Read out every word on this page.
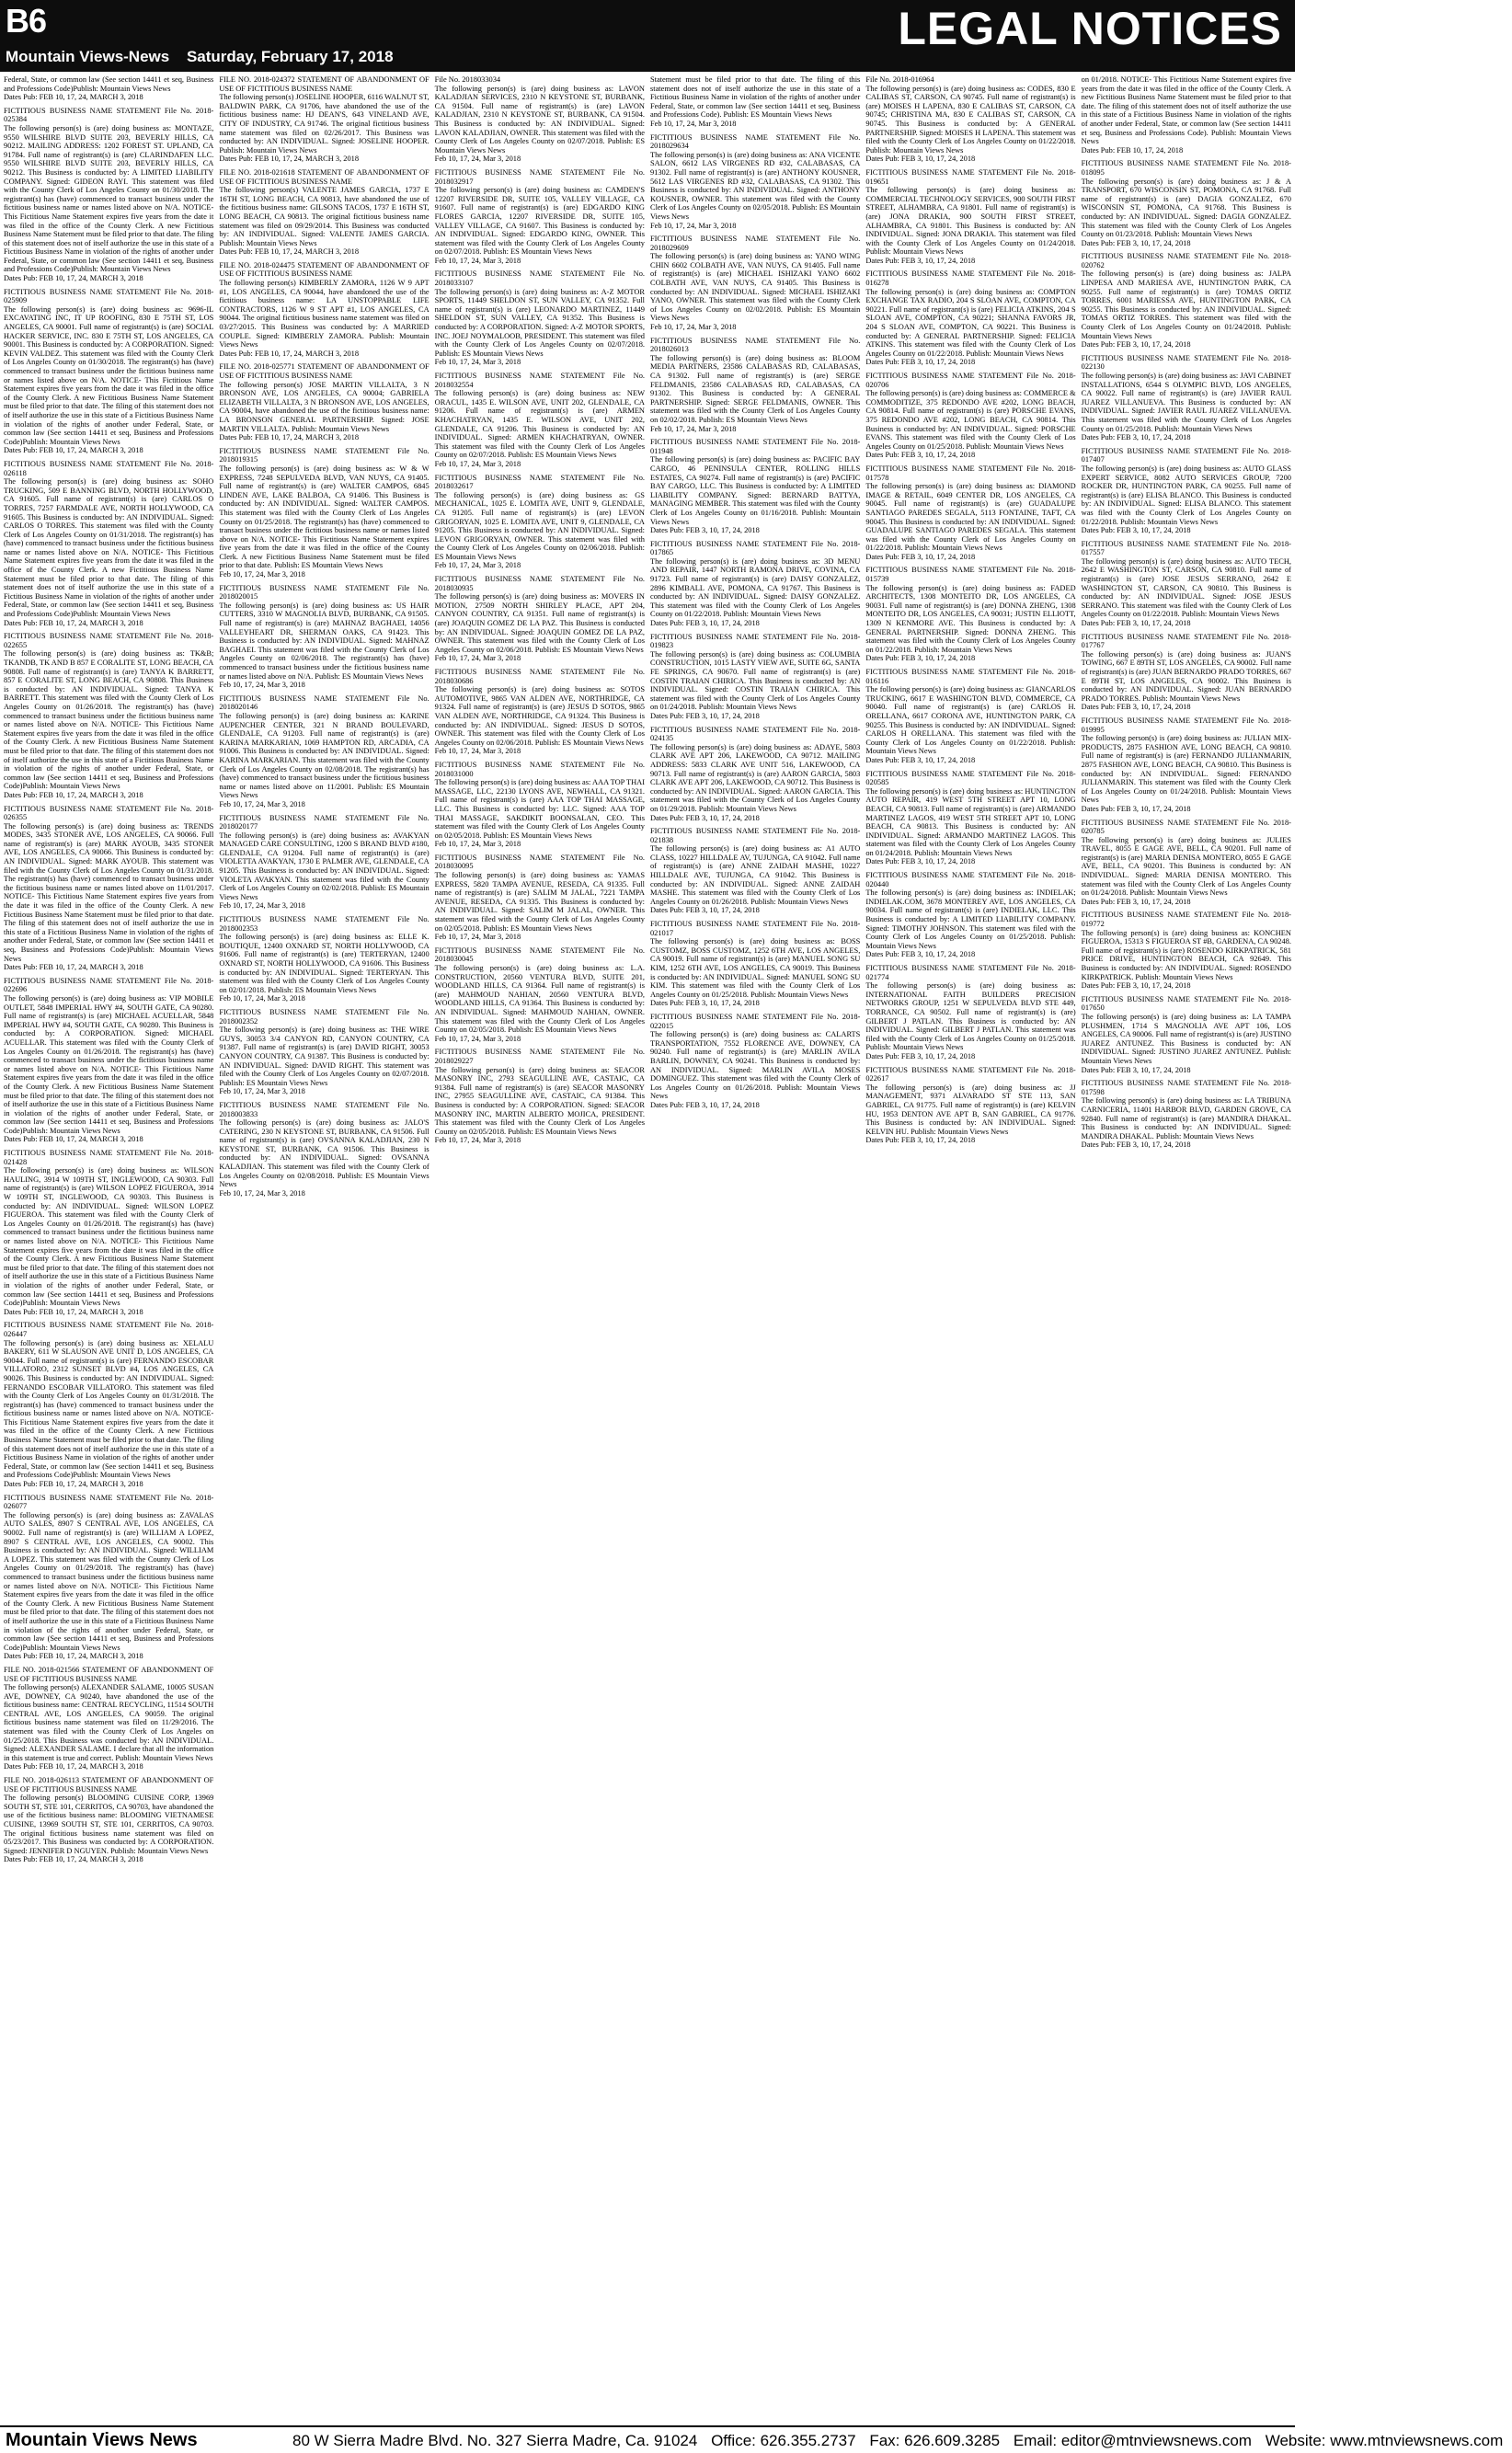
B6	LEGAL NOTICES
Mountain Views-News Saturday, February 17, 2018
Federal, State, or common law (See section 14411 et seq, Business and Professions Code)Publish: Mountain Views News
Dates Pub: FEB 10, 17, 24, MARCH 3, 2018
FICTITIOUS BUSINESS NAME STATEMENT File No. 2018-025384
The following person(s) is (are) doing business as: MONTAZE, 9550 WILSHIRE BLVD SUITE 203, BEVERLY HILLS, CA 90212. MAILING ADDRESS: 1202 FOREST ST. UPLAND, CA 91784. Full name of registrant(s) is (are) CLARINDAFEN LLC. 9550 WILSHIRE BLVD SUITE 203, BEVERLY HILLS, CA 90212. This Business is conducted by: A LIMITED LIABILITY COMPANY. Signed: GIDEON RAYI. This statement was filed with the County Clerk of Los Angeles County on 01/30/2018. The registrant(s) has (have) commenced to transact business under the fictitious business name or names listed above on N/A. NOTICE- This Fictitious Name Statement expires five years from the date it was filed in the office of the County Clerk. A new Fictitious Business Name Statement must be filed prior to that date. The filing of this statement does not of itself authorize the use in this state of a Fictitious Business Name in violation of the rights of another under Federal, State, or common law (See section 14411 et seq, Business and Professions Code)Publish: Mountain Views News
Dates Pub: FEB 10, 17, 24, MARCH 3, 2018
FICTITIOUS BUSINESS NAME STATEMENT File No. 2018-025909
The following person(s) is (are) doing business as: 9696-IL EXCAVATING INC, IT UP ROOFING, 830 E 75TH ST, LOS ANGELES, CA 90001. Full name of registrant(s) is (are) SOCIAL HACKER SERVICE, INC. 830 E 75TH ST, LOS ANGELES, CA 90001. This Business is conducted by: A CORPORATION. Signed: KEVIN VALDEZ. This statement was filed with the County Clerk of Los Angeles County on 01/30/2018. The registrant(s) has (have) commenced to transact business under the fictitious business name or names listed above on N/A. NOTICE- This Fictitious Name Statement expires five years from the date it was filed in the office of the County Clerk. A new Fictitious Business Name Statement must be filed prior to that date. The filing of this statement does not of itself authorize the use in this state of a Fictitious Business Name in violation of the rights of another under Federal, State, or common law (See section 14411 et seq, Business and Professions Code)Publish: Mountain Views News
Dates Pub: FEB 10, 17, 24, MARCH 3, 2018
FICTITIOUS BUSINESS NAME STATEMENT File No. 2018-026118
The following person(s) is (are) doing business as: SOHO TRUCKING, 509 E BANNING BLVD, NORTH HOLLYWOOD, CA 91605. Full name of registrant(s) is (are) CARLOS O TORRES, 7257 FARMDALE AVE, NORTH HOLLYWOOD, CA 91605. This Business is conducted by: AN INDIVIDUAL. Signed: CARLOS O TORRES. This statement was filed with the County Clerk of Los Angeles County on 01/31/2018. The registrant(s) has (have) commenced to transact business under the fictitious business name or names listed above on N/A. NOTICE- This Fictitious Name Statement expires five years from the date it was filed in the office of the County Clerk. A new Fictitious Business Name Statement must be filed prior to that date. The filing of this statement does not of itself authorize the use in this state of a Fictitious Business Name in violation of the rights of another under Federal, State, or common law (See section 14411 et seq, Business and Professions Code)Publish: Mountain Views News
Dates Pub: FEB 10, 17, 24, MARCH 3, 2018
FICTITIOUS BUSINESS NAME STATEMENT File No. 2018-022655
The following person(s) is (are) doing business as: TK&B; TKANDB, TK AND B 857 E CORALITE ST, LONG BEACH, CA 90808. Full name of registrant(s) is (are) TANYA K BARRETT, 857 E CORALITE ST, LONG BEACH, CA 90808. This Business is conducted by: AN INDIVIDUAL. Signed: TANYA K BARRETT. This statement was filed with the County Clerk of Los Angeles County on 01/26/2018. The registrant(s) has (have) commenced to transact business under the fictitious business name or names listed above on N/A. NOTICE- This Fictitious Name Statement expires five years from the date it was filed in the office of the County Clerk. A new Fictitious Business Name Statement must be filed prior to that date. The filing of this statement does not of itself authorize the use in this state of a Fictitious Business Name in violation of the rights of another under Federal, State, or common law (See section 14411 et seq, Business and Professions Code)Publish: Mountain Views News
Dates Pub: FEB 10, 17, 24, MARCH 3, 2018
FICTITIOUS BUSINESS NAME STATEMENT File No. 2018-026355
The following person(s) is (are) doing business as: TRENDS MODES, 3435 STONER AVE, LOS ANGELES, CA 90066. Full name of registrant(s) is (are) MARK AYOUB, 3435 STONER AVE, LOS ANGELES, CA 90066. This Business is conducted by: AN INDIVIDUAL. Signed: MARK AYOUB. This statement was filed with the County Clerk of Los Angeles County on 01/31/2018. The registrant(s) has (have) commenced to transact business under the fictitious business name or names listed above on 11/01/2017. NOTICE- This Fictitious Name Statement expires five years from the date it was filed in the office of the County Clerk. A new Fictitious Business Name Statement must be filed prior to that date. The filing of this statement does not of itself authorize the use in this state of a Fictitious Business Name in violation of the rights of another under Federal, State, or common law (See section 14411 et seq, Business and Professions Code)Publish: Mountain Views News
Dates Pub: FEB 10, 17, 24, MARCH 3, 2018
FICTITIOUS BUSINESS NAME STATEMENT File No. 2018-022696
The following person(s) is (are) doing business as: VIP MOBILE OUTLET, 5848 IMPERIAL HWY #4, SOUTH GATE, CA 90280. Full name of registrant(s) is (are) MICHAEL ACUELLAR, 5848 IMPERIAL HWY #4, SOUTH GATE, CA 90280. This Business is conducted by: A CORPORATION. Signed: MICHAEL ACUELLAR. This statement was filed with the County Clerk of Los Angeles County on 01/26/2018. The registrant(s) has (have) commenced to transact business under the fictitious business name or names listed above on N/A. NOTICE- This Fictitious Name Statement expires five years from the date it was filed in the office of the County Clerk. A new Fictitious Business Name Statement must be filed prior to that date. The filing of this statement does not of itself authorize the use in this state of a Fictitious Business Name in violation of the rights of another under Federal, State, or common law (See section 14411 et seq, Business and Professions Code)Publish: Mountain Views News
Dates Pub: FEB 10, 17, 24, MARCH 3, 2018
FICTITIOUS BUSINESS NAME STATEMENT File No. 2018-021428
The following person(s) is (are) doing business as: WILSON HAULING, 3914 W 109TH ST, INGLEWOOD, CA 90303. Full name of registrant(s) is (are) WILSON LOPEZ FIGUEROA, 3914 W 109TH ST, INGLEWOOD, CA 90303. This Business is conducted by: AN INDIVIDUAL. Signed: WILSON LOPEZ FIGUEROA. This statement was filed with the County Clerk of Los Angeles County on 01/26/2018. The registrant(s) has (have) commenced to transact business under the fictitious business name or names listed above on N/A. NOTICE- This Fictitious Name Statement expires five years from the date it was filed in the office of the County Clerk. A new Fictitious Business Name Statement must be filed prior to that date. The filing of this statement does not of itself authorize the use in this state of a Fictitious Business Name in violation of the rights of another under Federal, State, or common law (See section 14411 et seq, Business and Professions Code)Publish: Mountain Views News
Dates Pub: FEB 10, 17, 24, MARCH 3, 2018
FICTITIOUS BUSINESS NAME STATEMENT File No. 2018-026447
The following person(s) is (are) doing business as: XELALU BAKERY, 611 W SLAUSON AVE UNIT D, LOS ANGELES, CA 90044. Full name of registrant(s) is (are) FERNANDO ESCOBAR VILLATORO, 2312 SUNSET BLVD #4, LOS ANGELES, CA 90026. This Business is conducted by: AN INDIVIDUAL. Signed: FERNANDO ESCOBAR VILLATORO. This statement was filed with the County Clerk of Los Angeles County on 01/31/2018. The registrant(s) has (have) commenced to transact business under the fictitious business name or names listed above on N/A. NOTICE- This Fictitious Name Statement expires five years from the date it was filed in the office of the County Clerk. A new Fictitious Business Name Statement must be filed prior to that date. The filing of this statement does not of itself authorize the use in this state of a Fictitious Business Name in violation of the rights of another under Federal, State, or common law (See section 14411 et seq, Business and Professions Code)Publish: Mountain Views News
Dates Pub: FEB 10, 17, 24, MARCH 3, 2018
FICTITIOUS BUSINESS NAME STATEMENT File No. 2018-026077
The following person(s) is (are) doing business as: ZAVALAS AUTO SALES, 8907 S CENTRAL AVE, LOS ANGELES, CA 90002. Full name of registrant(s) is (are) WILLIAM A LOPEZ, 8907 S CENTRAL AVE, LOS ANGELES, CA 90002. This Business is conducted by: AN INDIVIDUAL. Signed: WILLIAM A LOPEZ. This statement was filed with the County Clerk of Los Angeles County on 01/29/2018. The registrant(s) has (have) commenced to transact business under the fictitious business name or names listed above on N/A. NOTICE- This Fictitious Name Statement expires five years from the date it was filed in the office of the County Clerk. A new Fictitious Business Name Statement must be filed prior to that date. The filing of this statement does not of itself authorize the use in this state of a Fictitious Business Name in violation of the rights of another under Federal, State, or common law (See section 14411 et seq, Business and Professions Code)Publish: Mountain Views News
Dates Pub: FEB 10, 17, 24, MARCH 3, 2018
FILE NO. 2018-021566 STATEMENT OF ABANDONMENT OF USE OF FICTITIOUS BUSINESS NAME
The following person(s) ALEXANDER SALAME, 10005 SUSAN AVE, DOWNEY, CA 90240, have abandoned the use of the fictitious business name: CENTRAL RECYCLING, 11514 SOUTH CENTRAL AVE, LOS ANGELES, CA 90059. The original fictitious business name statement was filed on 11/29/2016. The statement was filed with the County Clerk of Los Angeles on 01/25/2018. This Business was conducted by: AN INDIVIDUAL. Signed: ALEXANDER SALAME. I declare that all the information in this statement is true and correct. Publish: Mountain Views News
Dates Pub: FEB 10, 17, 24, MARCH 3, 2018
FILE NO. 2018-026113 STATEMENT OF ABANDONMENT OF USE OF FICTITIOUS BUSINESS NAME
The following person(s) BLOOMING CUISINE CORP, 13969 SOUTH ST, STE 101, CERRITOS, CA 90703, have abandoned the use of the fictitious business name: BLOOMING VIETNAMESE CUISINE, 13969 SOUTH ST, STE 101, CERRITOS, CA 90703. The original fictitious business name statement was filed on 05/23/2017. This Business was conducted by: A CORPORATION. Signed: JENNIFER D NGUYEN. Publish: Mountain Views News
Dates Pub: FEB 10, 17, 24, MARCH 3, 2018
FILE NO. 2018-024372 STATEMENT OF ABANDONMENT OF USE OF FICTITIOUS BUSINESS NAME
The following person(s) JOSELINE HOOPER, 6116 WALNUT ST, BALDWIN PARK, CA 91706, have abandoned the use of the fictitious business name: HJ DEAN'S, 643 VINELAND AVE, CITY OF INDUSTRY, CA 91746. The original fictitious business name statement was filed on 02/26/2017. This Business was conducted by: AN INDIVIDUAL. Signed: JOSELINE HOOPER. Publish: Mountain Views News
Dates Pub: FEB 10, 17, 24, MARCH 3, 2018
FILE NO. 2018-021618 STATEMENT OF ABANDONMENT OF USE OF FICTITIOUS BUSINESS NAME
The following person(s) VALENTE JAMES GARCIA, 1737 E 16TH ST, LONG BEACH, CA 90813, have abandoned the use of the fictitious business name: GILSONS TACOS, 1737 E 16TH ST, LONG BEACH, CA 90813. The original fictitious business name statement was filed on 09/29/2014. This Business was conducted by: AN INDIVIDUAL. Signed: VALENTE JAMES GARCIA. Publish: Mountain Views News
Dates Pub: FEB 10, 17, 24, MARCH 3, 2018
FILE NO. 2018-024475 STATEMENT OF ABANDONMENT OF USE OF FICTITIOUS BUSINESS NAME
The following person(s) KIMBERLY ZAMORA, 1126 W 9 APT #1, LOS ANGELES, CA 90044, have abandoned the use of the fictitious business name: LA UNSTOPPABLE LIFE CONTRACTORS, 1126 W 9 ST APT #1, LOS ANGELES, CA 90044. The original fictitious business name statement was filed on 03/27/2015. This Business was conducted by: A MARRIED COUPLE. Signed: KIMBERLY ZAMORA. Publish: Mountain Views News
Dates Pub: FEB 10, 17, 24, MARCH 3, 2018
FILE NO. 2018-025771 STATEMENT OF ABANDONMENT OF USE OF FICTITIOUS BUSINESS NAME
The following person(s) JOSE MARTIN VILLALTA, 3 N BRONSON AVE, LOS ANGELES, CA 90004; GABRIELA ELIZABETH VILLALTA, 3 N BRONSON AVE, LOS ANGELES, CA 90004, have abandoned the use of the fictitious business name: LA BRONSON GENERAL PARTNERSHIP. Signed: JOSE MARTIN VILLALTA. Publish: Mountain Views News
Dates Pub: FEB 10, 17, 24, MARCH 3, 2018
FICTITIOUS BUSINESS NAME STATEMENT File No. 2018019315
The following person(s) is (are) doing business as: W & W EXPRESS, 7248 SEPULVEDA BLVD, VAN NUYS, CA 91405. Full name of registrant(s) is (are) WALTER CAMPOS, 6845 LINDEN AVE, LAKE BALBOA, CA 91406. This Business is conducted by: AN INDIVIDUAL. Signed: WALTER CAMPOS. This statement was filed with the County Clerk of Los Angeles County on 01/25/2018. The registrant(s) has (have) commenced to transact business under the fictitious business name or names listed above on N/A. NOTICE- This Fictitious Name Statement expires five years from the date it was filed in the office of the County Clerk. A new Fictitious Business Name Statement must be filed prior to that date. Publish: ES Mountain Views News
Feb 10, 17, 24, Mar 3, 2018
FICTITIOUS BUSINESS NAME STATEMENT File No. 2018020015
The following person(s) is (are) doing business as: US HAIR CUTTERS, 3310 W MAGNOLIA BLVD, BURBANK, CA 91505. Full name of registrant(s) is (are) MAHNAZ BAGHAEI, 14056 VALLEYHEART DR, SHERMAN OAKS, CA 91423. This Business is conducted by: AN INDIVIDUAL. Signed: MAHNAZ BAGHAEI. This statement was filed with the County Clerk of Los Angeles County on 02/06/2018. The registrant(s) has (have) commenced to transact business under the fictitious business name or names listed above on N/A. Publish: ES Mountain Views News
Feb 10, 17, 24, Mar 3, 2018
FICTITIOUS BUSINESS NAME STATEMENT File No. 2018020146
The following person(s) is (are) doing business as: KARINE AUPENCHER CENTER, 321 N BRAND BOULEVARD, GLENDALE, CA 91203. Full name of registrant(s) is (are) KARINA MARKARIAN, 1069 HAMPTON RD, ARCADIA, CA 91006. This Business is conducted by: AN INDIVIDUAL. Signed: KARINA MARKARIAN. This statement was filed with the County Clerk of Los Angeles County on 02/08/2018. The registrant(s) has (have) commenced to transact business under the fictitious business name or names listed above on 11/2001. Publish: ES Mountain Views News
Feb 10, 17, 24, Mar 3, 2018
FICTITIOUS BUSINESS NAME STATEMENT File No. 2018020177
The following person(s) is (are) doing business as: AVAKYAN MANAGED CARE CONSULTING, 1200 S BRAND BLVD #180, GLENDALE, CA 91204. Full name of registrant(s) is (are) VIOLETTA AVAKYAN, 1730 E PALMER AVE, GLENDALE, CA 91205. This Business is conducted by: AN INDIVIDUAL. Signed: VIOLETA AVAKYAN. This statement was filed with the County Clerk of Los Angeles County on 02/02/2018. Publish: ES Mountain Views News
Feb 10, 17, 24, Mar 3, 2018
FICTITIOUS BUSINESS NAME STATEMENT File No. 2018002353
The following person(s) is (are) doing business as: ELLE K. BOUTIQUE, 12400 OXNARD ST, NORTH HOLLYWOOD, CA 91606. Full name of registrant(s) is (are) TERTERYAN, 12400 OXNARD ST, NORTH HOLLYWOOD, CA 91606. This Business is conducted by: AN INDIVIDUAL. Signed: TERTERYAN. This statement was filed with the County Clerk of Los Angeles County on 02/01/2018. Publish: ES Mountain Views News
Feb 10, 17, 24, Mar 3, 2018
FICTITIOUS BUSINESS NAME STATEMENT File No. 2018002352
The following person(s) is (are) doing business as: THE WIRE GUYS, 30053 3/4 CANYON RD, CANYON COUNTRY, CA 91387. Full name of registrant(s) is (are) DAVID RIGHT, 30053 CANYON COUNTRY, CA 91387. This Business is conducted by: AN INDIVIDUAL. Signed: DAVID RIGHT. This statement was filed with the County Clerk of Los Angeles County on 02/07/2018. Publish: ES Mountain Views News
Feb 10, 17, 24, Mar 3, 2018
FICTITIOUS BUSINESS NAME STATEMENT File No. 2018003833
The following person(s) is (are) doing business as: JALO'S CATERING, 230 N KEYSTONE ST, BURBANK, CA 91506. Full name of registrant(s) is (are) OVSANNA KALADJIAN, 230 N KEYSTONE ST, BURBANK, CA 91506. This Business is conducted by: AN INDIVIDUAL. Signed: OVSANNA KALADJIAN. This statement was filed with the County Clerk of Los Angeles County on 02/08/2018. Publish: ES Mountain Views News
Feb 10, 17, 24, Mar 3, 2018
File No. 2018033034
The following person(s) is (are) doing business as: LAVON KALADJIAN SERVICES, 2310 N KEYSTONE ST, BURBANK, CA 91504. Full name of registrant(s) is (are) LAVON KALADJIAN, 2310 N KEYSTONE ST, BURBANK, CA 91504. This Business is conducted by: AN INDIVIDUAL. Signed: LAVON KALADJIAN, OWNER. This statement was filed with the County Clerk of Los Angeles County on 02/07/2018. Publish: ES Mountain Views News
Feb 10, 17, 24, Mar 3, 2018
FICTITIOUS BUSINESS NAME STATEMENT File No. 2018032917
The following person(s) is (are) doing business as: CAMDEN'S 12207 RIVERSIDE DR, SUITE 105, VALLEY VILLAGE, CA 91607. Full name of registrant(s) is (are) EDGARDO KING FLORES GARCIA, 12207 RIVERSIDE DR, SUITE 105, VALLEY VILLAGE, CA 91607. This Business is conducted by: AN INDIVIDUAL. Signed: EDGARDO KING, OWNER. This statement was filed with the County Clerk of Los Angeles County on 02/07/2018. Publish: ES Mountain Views News
Feb 10, 17, 24, Mar 3, 2018
FICTITIOUS BUSINESS NAME STATEMENT File No. 2018033107
The following person(s) is (are) doing business as: A-Z MOTOR SPORTS, 11449 SHELDON ST, SUN VALLEY, CA 91352. Full name of registrant(s) is (are) LEONARDO MARTINEZ, 11449 SHELDON ST, SUN VALLEY, CA 91352. This Business is conducted by: A CORPORATION. Signed: A-Z MOTOR SPORTS, INC. JOEJ NOYMALOOB, PRESIDENT. This statement was filed with the County Clerk of Los Angeles County on 02/07/2018. Publish: ES Mountain Views News
Feb 10, 17, 24, Mar 3, 2018
FICTITIOUS BUSINESS NAME STATEMENT File No. 2018032554
The following person(s) is (are) doing business as: NEW ORACUL, 1435 E. WILSON AVE, UNIT 202, GLENDALE, CA 91206. Full name of registrant(s) is (are) ARMEN KHACHATRYAN, 1435 E. WILSON AVE, UNIT 202, GLENDALE, CA 91206. This Business is conducted by: AN INDIVIDUAL. Signed: ARMEN KHACHATRYAN, OWNER. This statement was filed with the County Clerk of Los Angeles County on 02/07/2018. Publish: ES Mountain Views News
Feb 10, 17, 24, Mar 3, 2018
FICTITIOUS BUSINESS NAME STATEMENT File No. 2018032617
The following person(s) is (are) doing business as: GS MECHANICAL, 1025 E. LOMITA AVE, UNIT 9, GLENDALE, CA 91205. Full name of registrant(s) is (are) LEVON GRIGORYAN, 1025 E. LOMITA AVE, UNIT 9, GLENDALE, CA 91205. This Business is conducted by: AN INDIVIDUAL. Signed: LEVON GRIGORYAN, OWNER. This statement was filed with the County Clerk of Los Angeles County on 02/06/2018. Publish: ES Mountain Views News
Feb 10, 17, 24, Mar 3, 2018
FICTITIOUS BUSINESS NAME STATEMENT File No. 2018030935
The following person(s) is (are) doing business as: MOVERS IN MOTION, 27509 NORTH SHIRLEY PLACE, APT 204, CANYON COUNTRY, CA 91351. Full name of registrant(s) is (are) JOAQUIN GOMEZ DE LA PAZ. This Business is conducted by: AN INDIVIDUAL. Signed: JOAQUIN GOMEZ DE LA PAZ, OWNER. This statement was filed with the County Clerk of Los Angeles County on 02/06/2018. Publish: ES Mountain Views News
Feb 10, 17, 24, Mar 3, 2018
FICTITIOUS BUSINESS NAME STATEMENT File No. 2018030686
The following person(s) is (are) doing business as: SOTOS AUTOMOTIVE, 9865 VAN ALDEN AVE, NORTHRIDGE, CA 91324. Full name of registrant(s) is (are) JESUS D SOTOS, 9865 VAN ALDEN AVE, NORTHRIDGE, CA 91324. This Business is conducted by: AN INDIVIDUAL. Signed: JESUS D SOTOS, OWNER. This statement was filed with the County Clerk of Los Angeles County on 02/06/2018. Publish: ES Mountain Views News
Feb 10, 17, 24, Mar 3, 2018
FICTITIOUS BUSINESS NAME STATEMENT File No. 2018031000
The following person(s) is (are) doing business as: AAA TOP THAI MASSAGE, LLC, 22130 LYONS AVE, NEWHALL, CA 91321. Full name of registrant(s) is (are) AAA TOP THAI MASSAGE, LLC. This Business is conducted by: LLC. Signed: AAA TOP THAI MASSAGE, SAKDIKIT BOONSALAN, CEO. This statement was filed with the County Clerk of Los Angeles County on 02/05/2018. Publish: ES Mountain Views News
Feb 10, 17, 24, Mar 3, 2018
FICTITIOUS BUSINESS NAME STATEMENT File No. 2018030095
The following person(s) is (are) doing business as: YAMAS EXPRESS, 5820 TAMPA AVENUE, RESEDA, CA 91335. Full name of registrant(s) is (are) SALIM M JALAL, 7221 TAMPA AVENUE, RESEDA, CA 91335. This Business is conducted by: AN INDIVIDUAL. Signed: SALIM M JALAL, OWNER. This statement was filed with the County Clerk of Los Angeles County on 02/05/2018. Publish: ES Mountain Views News
Feb 10, 17, 24, Mar 3, 2018
FICTITIOUS BUSINESS NAME STATEMENT File No. 2018030045
The following person(s) is (are) doing business as: L.A. CONSTRUCTION, 20560 VENTURA BLVD, SUITE 201, WOODLAND HILLS, CA 91364. Full name of registrant(s) is (are) MAHMOUD NAHIAN, 20560 VENTURA BLVD, WOODLAND HILLS, CA 91364. This Business is conducted by: AN INDIVIDUAL. Signed: MAHMOUD NAHIAN, OWNER. This statement was filed with the County Clerk of Los Angeles County on 02/05/2018. Publish: ES Mountain Views News
Feb 10, 17, 24, Mar 3, 2018
FICTITIOUS BUSINESS NAME STATEMENT File No. 2018029227
The following person(s) is (are) doing business as: SEACOR MASONRY INC, 2793 SEAGULLINE AVE, CASTAIC, CA 91384. Full name of registrant(s) is (are) SEACOR MASONRY INC, 27955 SEAGULLINE AVE, CASTAIC, CA 91384. This Business is conducted by: A CORPORATION. Signed: SEACOR MASONRY INC, MARTIN ALBERTO MOJICA, PRESIDENT. This statement was filed with the County Clerk of Los Angeles County on 02/05/2018. Publish: ES Mountain Views News
Feb 10, 17, 24, Mar 3, 2018
Statement must be filed prior to that date. The filing of this statement does not of itself authorize the use in this state of a Fictitious Business Name in violation of the rights of another under Federal, State, or common law (See section 14411 et seq, Business and Professions Code). Publish: ES Mountain Views News
Feb 10, 17, 24, Mar 3, 2018
FICTITIOUS BUSINESS NAME STATEMENT File No. 2018029634
The following person(s) is (are) doing business as: ANA VICENTE SALON, 6612 LAS VIRGENES RD #32, CALABASAS, CA 91302. Full name of registrant(s) is (are) ANTHONY KOUSNER, 5612 LAS VIRGENES RD #32, CALABASAS, CA 91302. This Business is conducted by: AN INDIVIDUAL. Signed: ANTHONY KOUSNER, OWNER. This statement was filed with the County Clerk of Los Angeles County on 02/05/2018. Publish: ES Mountain Views News
Feb 10, 17, 24, Mar 3, 2018
FICTITIOUS BUSINESS NAME STATEMENT File No. 2018029609
The following person(s) is (are) doing business as: YANO WING CHIN 6602 COLBATH AVE, VAN NUYS, CA 91405. Full name of registrant(s) is (are) MICHAEL ISHIZAKI YANO 6602 COLBATH AVE, VAN NUYS, CA 91405. This Business is conducted by: AN INDIVIDUAL. Signed: MICHAEL ISHIZAKI YANO, OWNER. This statement was filed with the County Clerk of Los Angeles County on 02/02/2018. Publish: ES Mountain Views News
Feb 10, 17, 24, Mar 3, 2018
FICTITIOUS BUSINESS NAME STATEMENT File No. 2018026013
The following person(s) is (are) doing business as: BLOOM MEDIA PARTNERS, 23586 CALABASAS RD, CALABASAS, CA 91302. Full name of registrant(s) is (are) SERGE FELDMANIS, 23586 CALABASAS RD, CALABASAS, CA 91302. This Business is conducted by: A GENERAL PARTNERSHIP. Signed: SERGE FELDMANIS, OWNER. This statement was filed with the County Clerk of Los Angeles County on 02/02/2018. Publish: ES Mountain Views News
Feb 10, 17, 24, Mar 3, 2018
FICTITIOUS BUSINESS NAME STATEMENT File No. 2018-011948
The following person(s) is (are) doing business as: PACIFIC BAY CARGO, 46 PENINSULA CENTER, ROLLING HILLS ESTATES, CA 90274. Full name of registrant(s) is (are) PACIFIC BAY CARGO, LLC. This Business is conducted by: A LIMITED LIABILITY COMPANY. Signed: BERNARD BATTYA, MANAGING MEMBER. This statement was filed with the County Clerk of Los Angeles County on 01/16/2018. Publish: Mountain Views News
Dates Pub: FEB 3, 10, 17, 24, 2018
FICTITIOUS BUSINESS NAME STATEMENT File No. 2018-017865
The following person(s) is (are) doing business as: 3D MENU AND REPAIR, 1447 NORTH RAMONA DRIVE, COVINA, CA 91723. Full name of registrant(s) is (are) DAISY GONZALEZ, 2896 KIMBALL AVE, POMONA, CA 91767. This Business is conducted by: AN INDIVIDUAL. Signed: DAISY GONZALEZ. This statement was filed with the County Clerk of Los Angeles County on 01/22/2018. Publish: Mountain Views News
Dates Pub: FEB 3, 10, 17, 24, 2018
FICTITIOUS BUSINESS NAME STATEMENT File No. 2018-019823
The following person(s) is (are) doing business as: COLUMBIA CONSTRUCTION, 1015 LASTY VIEW AVE, SUITE 6G, SANTA FE SPRINGS, CA 90670. Full name of registrant(s) is (are) COSTIN TRAIAN CHIRICA. This Business is conducted by: AN INDIVIDUAL. Signed: COSTIN TRAIAN CHIRICA. This statement was filed with the County Clerk of Los Angeles County on 01/24/2018. Publish: Mountain Views News
Dates Pub: FEB 3, 10, 17, 24, 2018
FICTITIOUS BUSINESS NAME STATEMENT File No. 2018-024135
The following person(s) is (are) doing business as: ADAYE, 5803 CLARK AVE APT 206, LAKEWOOD, CA 90712. MAILING ADDRESS: 5833 CLARK AVE UNIT 516, LAKEWOOD, CA 90713. Full name of registrant(s) is (are) AARON GARCIA, 5803 CLARK AVE APT 206, LAKEWOOD, CA 90712. This Business is conducted by: AN INDIVIDUAL. Signed: AARON GARCIA. This statement was filed with the County Clerk of Los Angeles County on 01/29/2018. Publish: Mountain Views News
Dates Pub: FEB 3, 10, 17, 24, 2018
FICTITIOUS BUSINESS NAME STATEMENT File No. 2018-021838
The following person(s) is (are) doing business as: A1 AUTO CLASS, 10227 HILLDALE AV, TUJUNGA, CA 91042. Full name of registrant(s) is (are) ANNE ZAIDAH MASHE, 10227 HILLDALE AVE, TUJUNGA, CA 91042. This Business is conducted by: AN INDIVIDUAL. Signed: ANNE ZAIDAH MASHE. This statement was filed with the County Clerk of Los Angeles County on 01/26/2018. Publish: Mountain Views News
Dates Pub: FEB 3, 10, 17, 24, 2018
FICTITIOUS BUSINESS NAME STATEMENT File No. 2018-021017
The following person(s) is (are) doing business as: BOSS CUSTOMZ, BOSS CUSTOMZ, 1252 6TH AVE, LOS ANGELES, CA 90019. Full name of registrant(s) is (are) MANUEL SONG SU KIM, 1252 6TH AVE, LOS ANGELES, CA 90019. This Business is conducted by: AN INDIVIDUAL. Signed: MANUEL SONG SU KIM. This statement was filed with the County Clerk of Los Angeles County on 01/25/2018. Publish: Mountain Views News
Dates Pub: FEB 3, 10, 17, 24, 2018
FICTITIOUS BUSINESS NAME STATEMENT File No. 2018-022015
The following person(s) is (are) doing business as: CALARTS TRANSPORTATION, 7552 FLORENCE AVE, DOWNEY, CA 90240. Full name of registrant(s) is (are) MARLIN AVILA BARLIN, DOWNEY, CA 90241. This Business is conducted by: AN INDIVIDUAL. Signed: MARLIN AVILA MOSES DOMINGUEZ. This statement was filed with the County Clerk of Los Angeles County on 01/26/2018. Publish: Mountain Views News
Dates Pub: FEB 3, 10, 17, 24, 2018
File No. 2018-016964
The following person(s) is (are) doing business as: CODES, 830 E CALIBAS ST, CARSON, CA 90745. Full name of registrant(s) is (are) MOISES H LAPENA, 830 E CALIBAS ST, CARSON, CA 90745; CHRISTINA MA, 830 E CALIBAS ST, CARSON, CA 90745. This Business is conducted by: A GENERAL PARTNERSHIP. Signed: MOISES H LAPENA. This statement was filed with the County Clerk of Los Angeles County on 01/22/2018. Publish: Mountain Views News
Dates Pub: FEB 3, 10, 17, 24, 2018
FICTITIOUS BUSINESS NAME STATEMENT File No. 2018-019651
The following person(s) is (are) doing business as: COMMERCIAL TECHNOLOGY SERVICES, 900 SOUTH FIRST STREET, ALHAMBRA, CA 91801. Full name of registrant(s) is (are) JONA DRAKIA, 900 SOUTH FIRST STREET, ALHAMBRA, CA 91801. This Business is conducted by: AN INDIVIDUAL. Signed: JONA DRAKIA. This statement was filed with the County Clerk of Los Angeles County on 01/24/2018. Publish: Mountain Views News
Dates Pub: FEB 3, 10, 17, 24, 2018
FICTITIOUS BUSINESS NAME STATEMENT File No. 2018-016278
The following person(s) is (are) doing business as: COMPTON EXCHANGE TAX RADIO, 204 S SLOAN AVE, COMPTON, CA 90221. Full name of registrant(s) is (are) FELICIA ATKINS, 204 S SLOAN AVE, COMPTON, CA 90221; SHANNA FAVORS JR, 204 S SLOAN AVE, COMPTON, CA 90221. This Business is conducted by: A GENERAL PARTNERSHIP. Signed: FELICIA ATKINS. This statement was filed with the County Clerk of Los Angeles County on 01/22/2018. Publish: Mountain Views News
Dates Pub: FEB 3, 10, 17, 24, 2018
FICTITIOUS BUSINESS NAME STATEMENT File No. 2018-020706
The following person(s) is (are) doing business as: COMMERCE & COMMODITIZE, 375 REDONDO AVE #202, LONG BEACH, CA 90814. Full name of registrant(s) is (are) PORSCHE EVANS, 375 REDONDO AVE #202, LONG BEACH, CA 90814. This Business is conducted by: AN INDIVIDUAL. Signed: PORSCHE EVANS. This statement was filed with the County Clerk of Los Angeles County on 01/25/2018. Publish: Mountain Views News
Dates Pub: FEB 3, 10, 17, 24, 2018
FICTITIOUS BUSINESS NAME STATEMENT File No. 2018-017578
The following person(s) is (are) doing business as: DIAMOND IMAGE & RETAIL, 6049 CENTER DR, LOS ANGELES, CA 90045. Full name of registrant(s) is (are) GUADALUPE SANTIAGO PAREDES SEGALA, 5113 FONTAINE, TAFT, CA 90045. This Business is conducted by: AN INDIVIDUAL. Signed: GUADALUPE SANTIAGO PAREDES SEGALA. This statement was filed with the County Clerk of Los Angeles County on 01/22/2018. Publish: Mountain Views News
Dates Pub: FEB 3, 10, 17, 24, 2018
FICTITIOUS BUSINESS NAME STATEMENT File No. 2018-015739
The following person(s) is (are) doing business as: FADED ARCHITECTS, 1308 MONTEITO DR, LOS ANGELES, CA 90031. Full name of registrant(s) is (are) DONNA ZHENG, 1308 MONTEITO DR, LOS ANGELES, CA 90031; JUSTIN ELLIOTT, 1309 N KENMORE AVE. This Business is conducted by: A GENERAL PARTNERSHIP. Signed: DONNA ZHENG. This statement was filed with the County Clerk of Los Angeles County on 01/22/2018. Publish: Mountain Views News
Dates Pub: FEB 3, 10, 17, 24, 2018
FICTITIOUS BUSINESS NAME STATEMENT File No. 2018-016116
The following person(s) is (are) doing business as: GIANCARLOS TRUCKING, 6617 E WASHINGTON BLVD, COMMERCE, CA 90040. Full name of registrant(s) is (are) CARLOS H. ORELLANA, 6617 CORONA AVE, HUNTINGTON PARK, CA 90255. This Business is conducted by: AN INDIVIDUAL. Signed: CARLOS H ORELLANA. This statement was filed with the County Clerk of Los Angeles County on 01/22/2018. Publish: Mountain Views News
Dates Pub: FEB 3, 10, 17, 24, 2018
FICTITIOUS BUSINESS NAME STATEMENT File No. 2018-020585
The following person(s) is (are) doing business as: HUNTINGTON AUTO REPAIR, 419 WEST 5TH STREET APT 10, LONG BEACH, CA 90813. Full name of registrant(s) is (are) ARMANDO MARTINEZ LAGOS, 419 WEST 5TH STREET APT 10, LONG BEACH, CA 90813. This Business is conducted by: AN INDIVIDUAL. Signed: ARMANDO MARTINEZ LAGOS. This statement was filed with the County Clerk of Los Angeles County on 01/24/2018. Publish: Mountain Views News
Dates Pub: FEB 3, 10, 17, 24, 2018
FICTITIOUS BUSINESS NAME STATEMENT File No. 2018-020440
The following person(s) is (are) doing business as: INDIELAK; INDIELAK.COM, 3678 MONTEREY AVE, LOS ANGELES, CA 90034. Full name of registrant(s) is (are) INDIELAK, LLC. This Business is conducted by: A LIMITED LIABILITY COMPANY. Signed: TIMOTHY JOHNSON. This statement was filed with the County Clerk of Los Angeles County on 01/25/2018. Publish: Mountain Views News
Dates Pub: FEB 3, 10, 17, 24, 2018
FICTITIOUS BUSINESS NAME STATEMENT File No. 2018-021774
The following person(s) is (are) doing business as: INTERNATIONAL FAITH BUILDERS PRECISION NETWORKS GROUP, 1251 W SEPULVEDA BLVD STE 449, TORRANCE, CA 90502. Full name of registrant(s) is (are) GILBERT J PATLAN. This Business is conducted by: AN INDIVIDUAL. Signed: GILBERT J PATLAN. This statement was filed with the County Clerk of Los Angeles County on 01/25/2018. Publish: Mountain Views News
Dates Pub: FEB 3, 10, 17, 24, 2018
FICTITIOUS BUSINESS NAME STATEMENT File No. 2018-022617
The following person(s) is (are) doing business as: JJ MANAGEMENT, 9371 ALVARADO ST STE 113, SAN GABRIEL, CA 91775. Full name of registrant(s) is (are) KELVIN HU, 1953 DENTON AVE APT B, SAN GABRIEL, CA 91776. This Business is conducted by: AN INDIVIDUAL. Signed: KELVIN HU. Publish: Mountain Views News
Dates Pub: FEB 3, 10, 17, 24, 2018
on 01/2018. NOTICE- This Fictitious Name Statement expires five years from the date it was filed in the office of the County Clerk. A new Fictitious Business Name Statement must be filed prior to that date. The filing of this statement does not of itself authorize the use in this state of a Fictitious Business Name in violation of the rights of another under Federal, State, or common law (See section 14411 et seq, Business and Professions Code). Publish: Mountain Views News
Dates Pub: FEB 10, 17, 24, 2018
FICTITIOUS BUSINESS NAME STATEMENT File No. 2018-018095
The following person(s) is (are) doing business as: J & A TRANSPORT, 670 WISCONSIN ST, POMONA, CA 91768. Full name of registrant(s) is (are) DAGIA GONZALEZ, 670 WISCONSIN ST, POMONA, CA 91768. This Business is conducted by: AN INDIVIDUAL. Signed: DAGIA GONZALEZ. This statement was filed with the County Clerk of Los Angeles County on 01/23/2018. Publish: Mountain Views News
Dates Pub: FEB 3, 10, 17, 24, 2018
FICTITIOUS BUSINESS NAME STATEMENT File No. 2018-020762
The following person(s) is (are) doing business as: JALPA LINPESA AND MARIESA AVE, HUNTINGTON PARK, CA 90255. Full name of registrant(s) is (are) TOMAS ORTIZ TORRES, 6001 MARIESSA AVE, HUNTINGTON PARK, CA 90255. This Business is conducted by: AN INDIVIDUAL. Signed: TOMAS ORTIZ TORRES. This statement was filed with the County Clerk of Los Angeles County on 01/24/2018. Publish: Mountain Views News
Dates Pub: FEB 3, 10, 17, 24, 2018
FICTITIOUS BUSINESS NAME STATEMENT File No. 2018-022130
The following person(s) is (are) doing business as: JAVI CABINET INSTALLATIONS, 6544 S OLYMPIC BLVD, LOS ANGELES, CA 90022. Full name of registrant(s) is (are) JAVIER RAUL JUAREZ VILLANUEVA. This Business is conducted by: AN INDIVIDUAL. Signed: JAVIER RAUL JUAREZ VILLANUEVA. This statement was filed with the County Clerk of Los Angeles County on 01/25/2018. Publish: Mountain Views News
Dates Pub: FEB 3, 10, 17, 24, 2018
FICTITIOUS BUSINESS NAME STATEMENT File No. 2018-017407
The following person(s) is (are) doing business as: AUTO GLASS EXPERT SERVICE, 8082 AUTO SERVICES GROUP, 7200 ROCKER DR, HUNTINGTON PARK, CA 90255. Full name of registrant(s) is (are) ELISA BLANCO. This Business is conducted by: AN INDIVIDUAL. Signed: ELISA BLANCO. This statement was filed with the County Clerk of Los Angeles County on 01/22/2018. Publish: Mountain Views News
Dates Pub: FEB 3, 10, 17, 24, 2018
FICTITIOUS BUSINESS NAME STATEMENT File No. 2018-017557
The following person(s) is (are) doing business as: AUTO TECH, 2642 E WASHINGTON ST, CARSON, CA 90810. Full name of registrant(s) is (are) JOSE JESUS SERRANO, 2642 E WASHINGTON ST, CARSON, CA 90810. This Business is conducted by: AN INDIVIDUAL. Signed: JOSE JESUS SERRANO. This statement was filed with the County Clerk of Los Angeles County on 01/22/2018. Publish: Mountain Views News
Dates Pub: FEB 3, 10, 17, 24, 2018
FICTITIOUS BUSINESS NAME STATEMENT File No. 2018-017767
The following person(s) is (are) doing business as: JUAN'S TOWING, 667 E 89TH ST, LOS ANGELES, CA 90002. Full name of registrant(s) is (are) JUAN BERNARDO PRADO TORRES, 667 E 89TH ST, LOS ANGELES, CA 90002. This Business is conducted by: AN INDIVIDUAL. Signed: JUAN BERNARDO PRADO TORRES. Publish: Mountain Views News
Dates Pub: FEB 3, 10, 17, 24, 2018
FICTITIOUS BUSINESS NAME STATEMENT File No. 2018-019995
The following person(s) is (are) doing business as: JULIAN MIX-PRODUCTS, 2875 FASHION AVE, LONG BEACH, CA 90810. Full name of registrant(s) is (are) FERNANDO JULIANMARIN, 2875 FASHION AVE, LONG BEACH, CA 90810. This Business is conducted by: AN INDIVIDUAL. Signed: FERNANDO JULIANMARIN. This statement was filed with the County Clerk of Los Angeles County on 01/24/2018. Publish: Mountain Views News
Dates Pub: FEB 3, 10, 17, 24, 2018
FICTITIOUS BUSINESS NAME STATEMENT File No. 2018-020785
The following person(s) is (are) doing business as: JULIES TRAVEL, 8055 E GAGE AVE, BELL, CA 90201. Full name of registrant(s) is (are) MARIA DENISA MONTERO, 8055 E GAGE AVE, BELL, CA 90201. This Business is conducted by: AN INDIVIDUAL. Signed: MARIA DENISA MONTERO. This statement was filed with the County Clerk of Los Angeles County on 01/24/2018. Publish: Mountain Views News
Dates Pub: FEB 3, 10, 17, 24, 2018
FICTITIOUS BUSINESS NAME STATEMENT File No. 2018-019772
The following person(s) is (are) doing business as: KONCHEN FIGUEROA, 15313 S FIGUEROA ST #B, GARDENA, CA 90248. Full name of registrant(s) is (are) ROSENDO KIRKPATRICK, 581 PRICE DRIVE, HUNTINGTON BEACH, CA 92649. This Business is conducted by: AN INDIVIDUAL. Signed: ROSENDO KIRKPATRICK. Publish: Mountain Views News
Dates Pub: FEB 3, 10, 17, 24, 2018
FICTITIOUS BUSINESS NAME STATEMENT File No. 2018-017650
The following person(s) is (are) doing business as: LA TAMPA PLUSHMEN, 1714 S MAGNOLIA AVE APT 106, LOS ANGELES, CA 90006. Full name of registrant(s) is (are) JUSTINO JUAREZ ANTUNEZ. This Business is conducted by: AN INDIVIDUAL. Signed: JUSTINO JUAREZ ANTUNEZ. Publish: Mountain Views News
Dates Pub: FEB 3, 10, 17, 24, 2018
FICTITIOUS BUSINESS NAME STATEMENT File No. 2018-017598
The following person(s) is (are) doing business as: LA TRIBUNA CARNICERIA, 11401 HARBOR BLVD, GARDEN GROVE, CA 92840. Full name of registrant(s) is (are) MANDIRA DHAKAL. This Business is conducted by: AN INDIVIDUAL. Signed: MANDIRA DHAKAL. Publish: Mountain Views News
Dates Pub: FEB 3, 10, 17, 24, 2018
Mountain Views News	80 W Sierra Madre Blvd. No. 327 Sierra Madre, Ca. 91024 Office: 626.355.2737 Fax: 626.609.3285 Email: editor@mtnviewsnews.com Website: www.mtnviewsnews.com
